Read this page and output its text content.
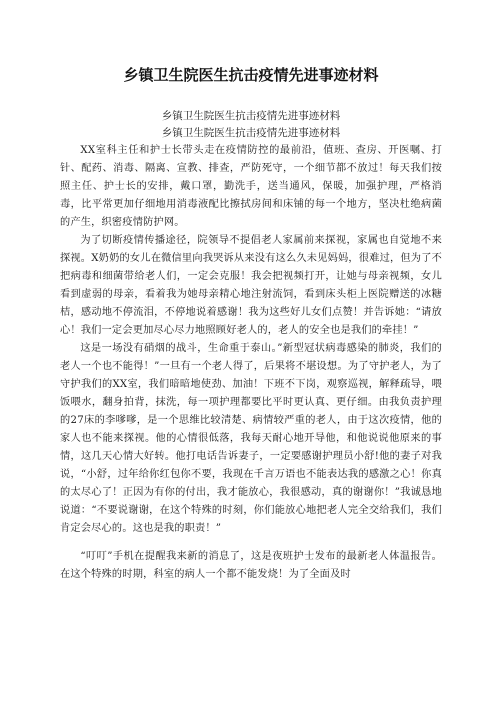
乡镇卫生院医生抗击疫情先进事迹材料

乡镇卫生院医生抗击疫情先进事迹材料

乡镇卫生院医生抗击疫情先进事迹材料

XX室科主任和护士长带头走在疫情防控的最前沿，值班、查房、开医嘱、打针、配药、消毒、隔离、宣教、排查，严防死守，一个细节都不放过！每天我们按照主任、护士长的安排，戴口罩，勤洗手，送当通风，保暖，加强护理，严格消毒，比平常更加仔细地用消毒液配比擦拭房间和床铺的每一个地方，坚决杜绝病菌的产生，织密疫情防护网。

为了切断疫情传播途径，院领导不提倡老人家属前来探视，家属也自觉地不来探视。X奶奶的女儿在微信里向我哭诉从来没有这么久未见妈妈，很难过，但为了不把病毒和细菌带给老人们，一定会克服！我会把视频打开，让她与母亲视频，女儿看到虚弱的母亲，看着我为她母亲精心地注射流饲，看到床头柜上医院赠送的冰糖桔，感动地不停流泪，不停地说着感谢！我为这些好儿女们点赞！并告诉她：“请放心！我们一定会更加尽心尽力地照顾好老人的，老人的安全也是我们的牵挂！”

这是一场没有硝烟的战斗，生命重于泰山。”新型冠状病毒感染的肺炎，我们的老人一个也不能得！”一旦有一个老人得了，后果将不堪设想。为了守护老人，为了守护我们的XX室，我们暗暗地使劲、加油！下班不下岗，观察巡视，解释疏导，喂饭喂水，翻身拍背，抹洗，每一项护理都要比平时更认真、更仔细。由我负责护理的27床的李嗲嗲，是一个思维比较清楚、病情较严重的老人，由于这次疫情，他的家人也不能来探视。他的心情很低落，我每天耐心地开导他，和他说说他原来的事情，这几天心情大好转。他打电话告诉妻子，一定要感谢护理员小舒!他的妻子对我说，“小舒，过年给你红包你不要，我现在千言万语也不能表达我的感激之心！你真的太尽心了！正因为有你的付出，我才能放心，我很感动，真的谢谢你！”我诚恳地说道：“不要说谢谢，在这个特殊的时刻，你们能放心地把老人完全交给我们，我们肯定会尽心的。这也是我的职责！”

“叮叮”手机在提醒我来新的消息了，这是夜班护士发布的最新老人体温报告。在这个特殊的时期，科室的病人一个都不能发烧！为了全面及时
